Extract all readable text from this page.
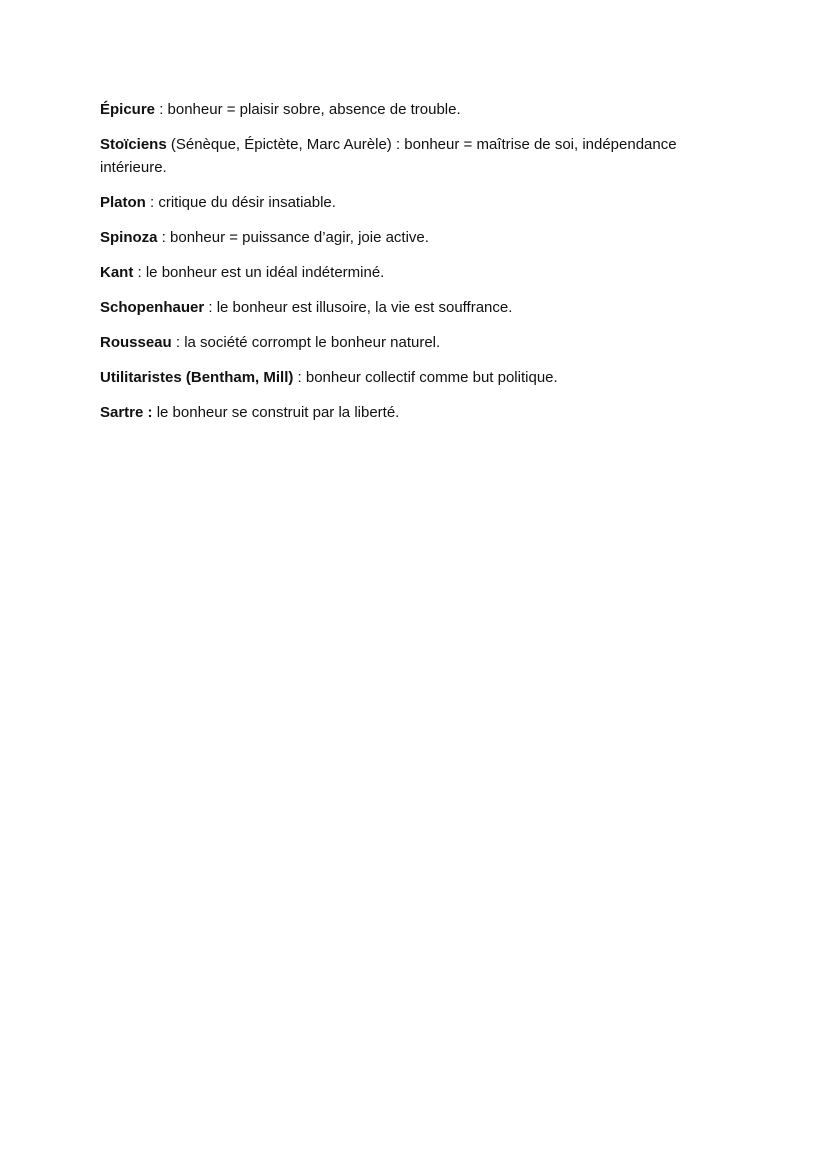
Épicure : bonheur = plaisir sobre, absence de trouble.

Stoïciens (Sénèque, Épictète, Marc Aurèle) : bonheur = maîtrise de soi, indépendance intérieure.

Platon : critique du désir insatiable.

Spinoza : bonheur = puissance d’agir, joie active.

Kant : le bonheur est un idéal indéterminé.

Schopenhauer : le bonheur est illusoire, la vie est souffrance.

Rousseau : la société corrompt le bonheur naturel.

Utilitaristes (Bentham, Mill) : bonheur collectif comme but politique.

Sartre : le bonheur se construit par la liberté.
